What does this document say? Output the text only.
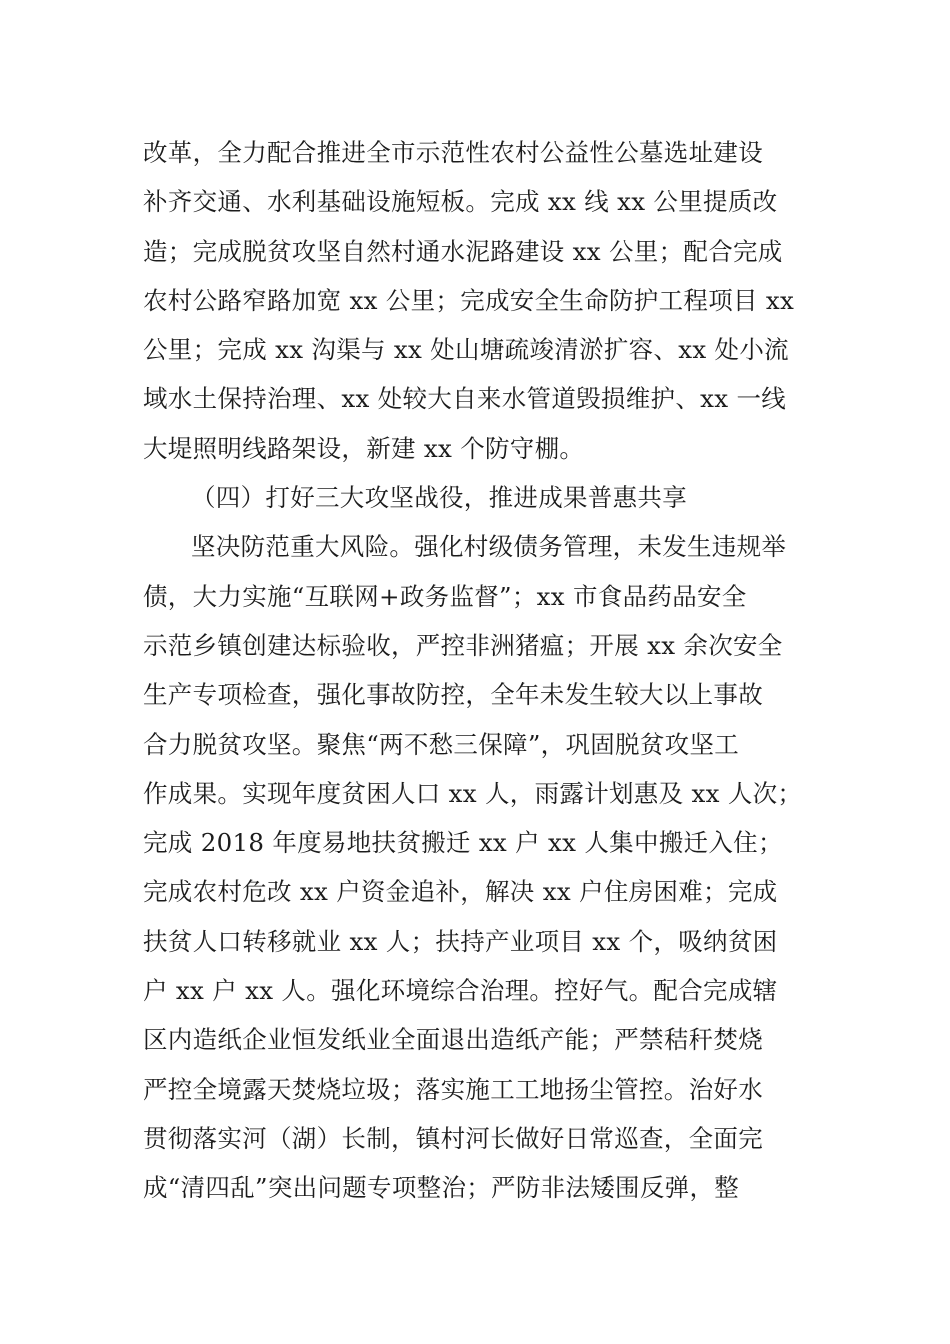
改革，全力配合推进全市示范性农村公益性公墓选址建设
补齐交通、水利基础设施短板。完成 xx 线 xx 公里提质改
造；完成脱贫攻坚自然村通水泥路建设 xx 公里；配合完成
农村公路窄路加宽 xx 公里；完成安全生命防护工程项目 xx
公里；完成 xx 沟渠与 xx 处山塘疏竣清淤扩容、xx 处小流
域水土保持治理、xx 处较大自来水管道毁损维护、xx 一线
大堤照明线路架设，新建 xx 个防守棚。
（四）打好三大攻坚战役，推进成果普惠共享
坚决防范重大风险。强化村级债务管理，未发生违规举
债，大力实施“互联网+政务监督”；xx 市食品药品安全
示范乡镇创建达标验收，严控非洲猪瘟；开展 xx 余次安全
生产专项检查，强化事故防控，全年未发生较大以上事故
合力脱贫攻坚。聚焦“两不愁三保障”，巩固脱贫攻坚工
作成果。实现年度贫困人口 xx 人，雨露计划惠及 xx 人次；
完成 2018 年度易地扶贫搬迁 xx 户 xx 人集中搬迁入住；
完成农村危改 xx 户资金追补，解决 xx 户住房困难；完成
扶贫人口转移就业 xx 人；扶持产业项目 xx 个，吸纳贫困
户 xx 户 xx 人。强化环境综合治理。控好气。配合完成辖
区内造纸企业恒发纸业全面退出造纸产能；严禁秸秆焚烧
严控全境露天焚烧垃圾；落实施工工地扬尘管控。治好水
贯彻落实河（湖）长制，镇村河长做好日常巡查，全面完
成“清四乱”突出问题专项整治；严防非法矮围反弹，整
